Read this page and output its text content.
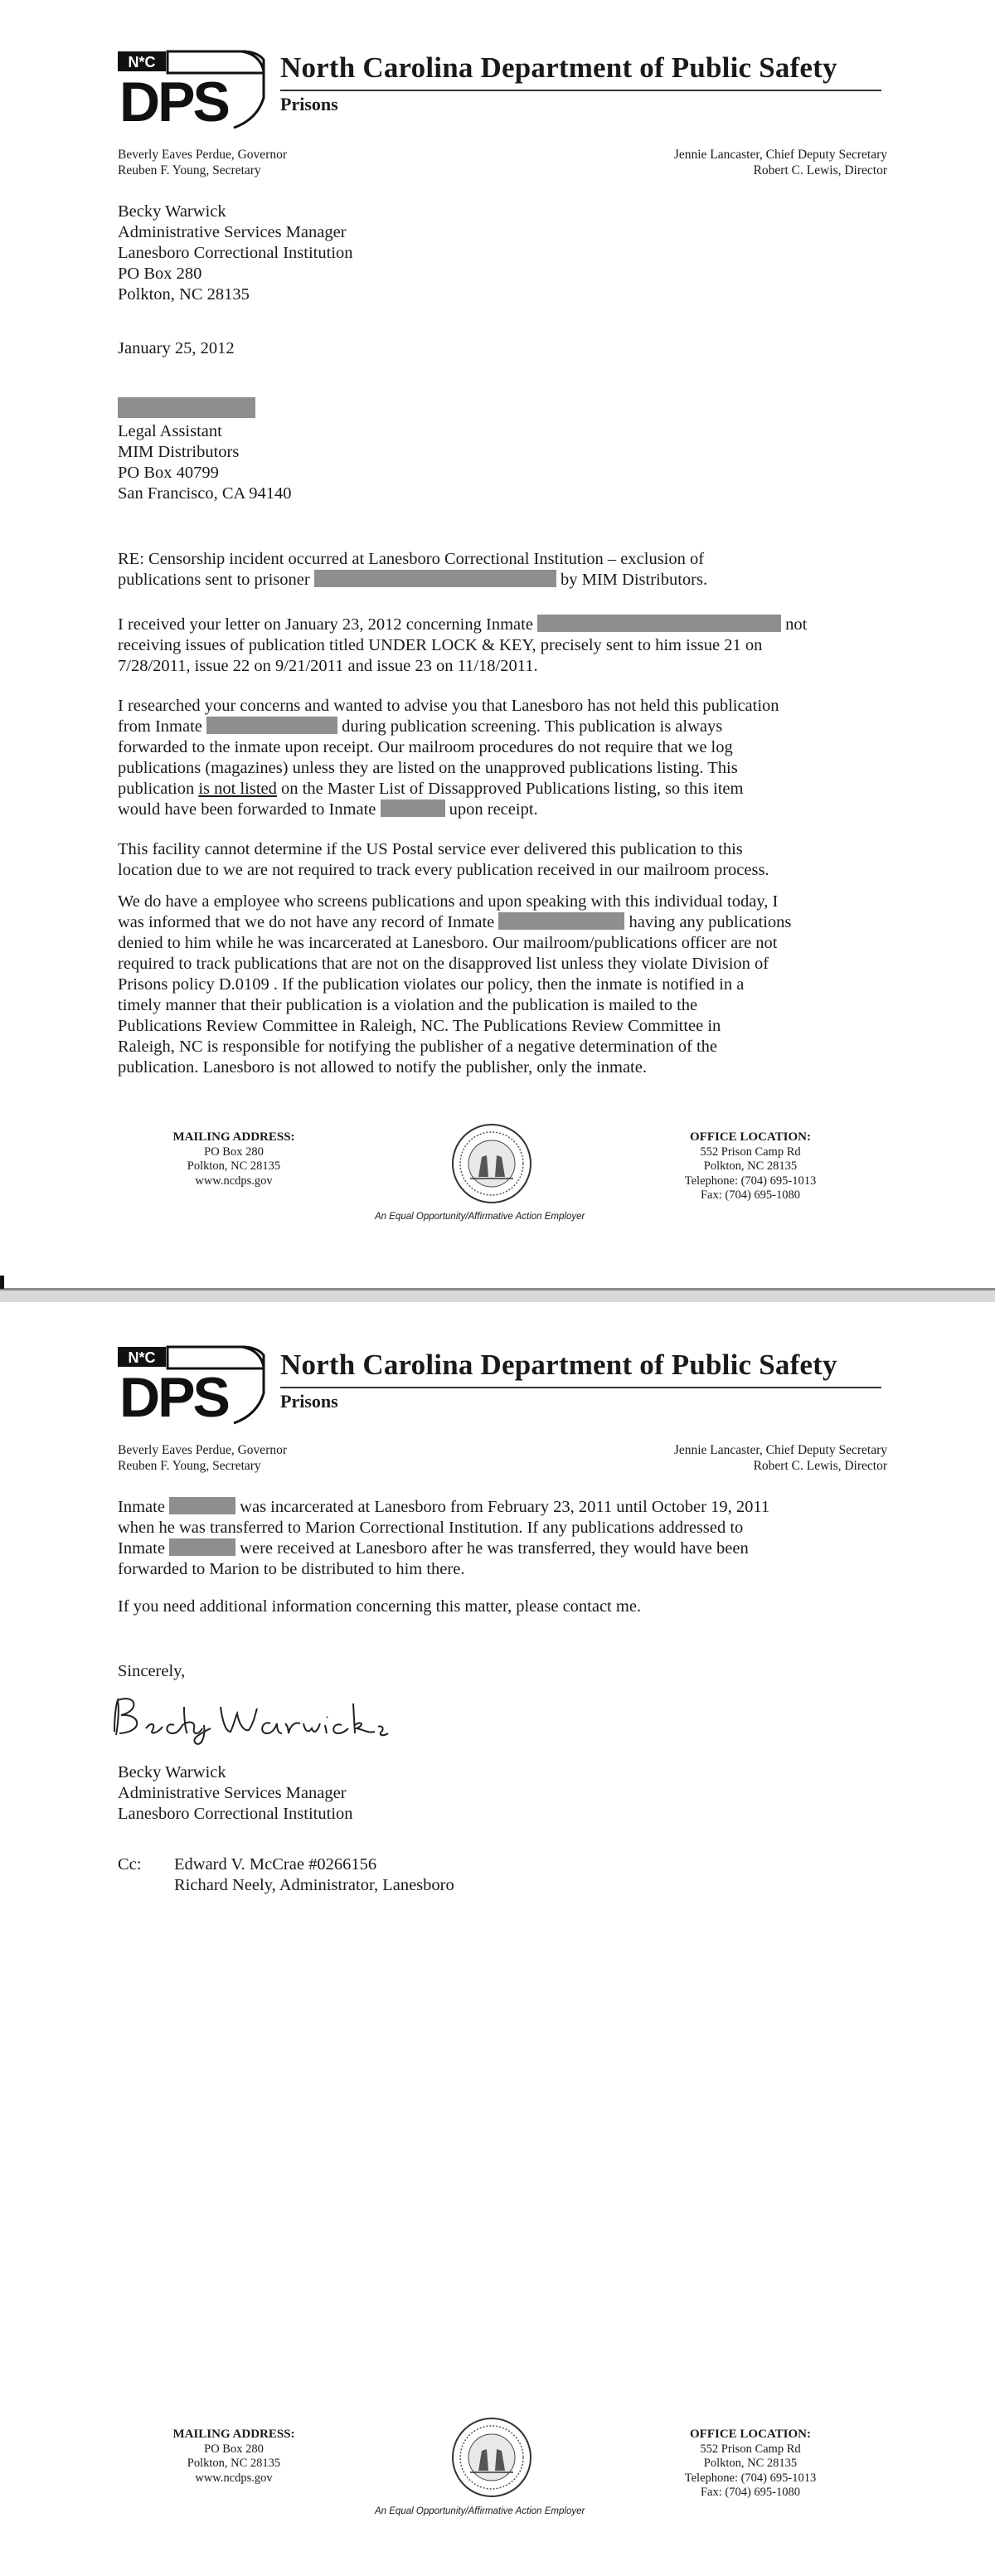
N*C
DPS
North Carolina Department of Public Safety
Prisons
Beverly Eaves Perdue, Governor
Reuben F. Young, Secretary
Jennie Lancaster, Chief Deputy Secretary
Robert C. Lewis, Director
Becky Warwick
Administrative Services Manager
Lanesboro Correctional Institution
PO Box 280
Polkton, NC 28135
January 25, 2012
Legal Assistant
MIM Distributors
PO Box 40799
San Francisco, CA 94140
RE: Censorship incident occurred at Lanesboro Correctional Institution – exclusion of
publications sent to prisoner	by MIM Distributors.
I received your letter on January 23, 2012 concerning Inmate	not
receiving issues of publication titled UNDER LOCK & KEY, precisely sent to him issue 21 on
7/28/2011, issue 22 on 9/21/2011 and issue 23 on 11/18/2011.
I researched your concerns and wanted to advise you that Lanesboro has not held this publication
from Inmate	during publication screening. This publication is always
forwarded to the inmate upon receipt. Our mailroom procedures do not require that we log
publications (magazines) unless they are listed on the unapproved publications listing. This
publication is not listed on the Master List of Dissapproved Publications listing, so this item
would have been forwarded to Inmate	upon receipt.
This facility cannot determine if the US Postal service ever delivered this publication to this
location due to we are not required to track every publication received in our mailroom process.
We do have a employee who screens publications and upon speaking with this individual today, I
was informed that we do not have any record of Inmate	having any publications
denied to him while he was incarcerated at Lanesboro. Our mailroom/publications officer are not
required to track publications that are not on the disapproved list unless they violate Division of
Prisons policy D.0109 . If the publication violates our policy, then the inmate is notified in a
timely manner that their publication is a violation and the publication is mailed to the
Publications Review Committee in Raleigh, NC. The Publications Review Committee in
Raleigh, NC is responsible for notifying the publisher of a negative determination of the
publication. Lanesboro is not allowed to notify the publisher, only the inmate.
MAILING ADDRESS:
PO Box 280
Polkton, NC 28135
www.ncdps.gov
An Equal Opportunity/Affirmative Action Employer
OFFICE LOCATION:
552 Prison Camp Rd
Polkton, NC 28135
Telephone: (704) 695-1013
Fax: (704) 695-1080
N*C
DPS
North Carolina Department of Public Safety
Prisons
Beverly Eaves Perdue, Governor
Reuben F. Young, Secretary
Jennie Lancaster, Chief Deputy Secretary
Robert C. Lewis, Director
Inmate	was incarcerated at Lanesboro from February 23, 2011 until October 19, 2011
when he was transferred to Marion Correctional Institution. If any publications addressed to
Inmate	were received at Lanesboro after he was transferred, they would have been
forwarded to Marion to be distributed to him there.
If you need additional information concerning this matter, please contact me.
Sincerely,
Becky Warwick
Administrative Services Manager
Lanesboro Correctional Institution
Cc: Edward V. McCrae #0266156
Richard Neely, Administrator, Lanesboro
MAILING ADDRESS:
PO Box 280
Polkton, NC 28135
www.ncdps.gov
An Equal Opportunity/Affirmative Action Employer
OFFICE LOCATION:
552 Prison Camp Rd
Polkton, NC 28135
Telephone: (704) 695-1013
Fax: (704) 695-1080
